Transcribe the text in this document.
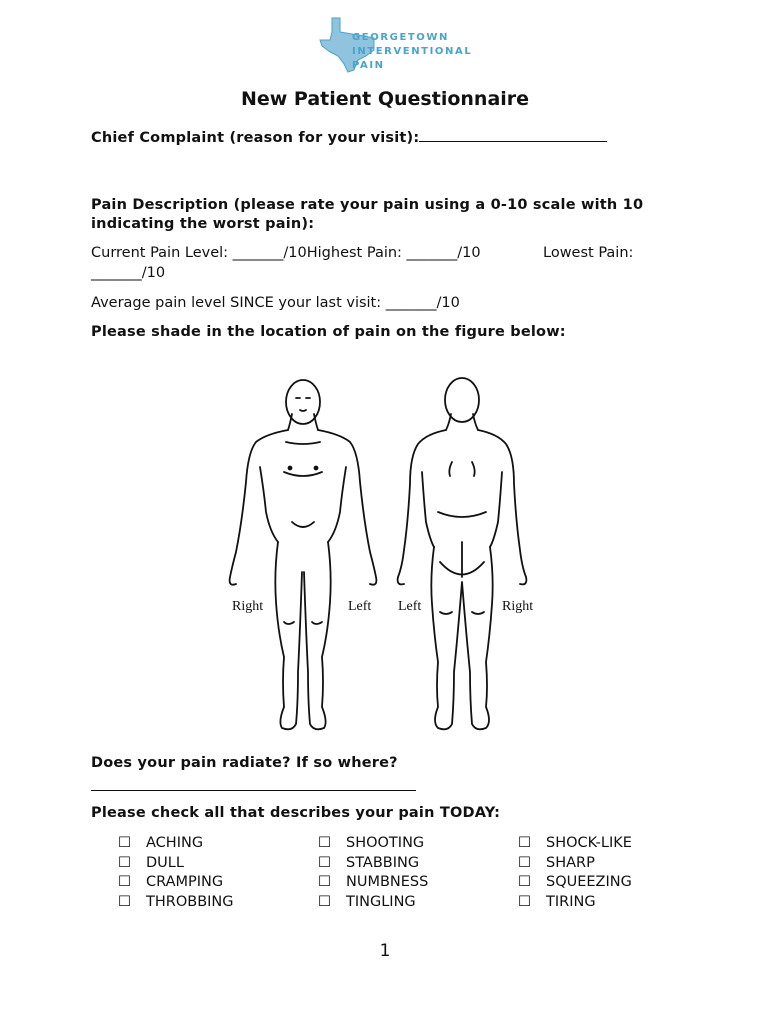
GEORGETOWN
INTERVENTIONAL
PAIN
New Patient Questionnaire
Chief Complaint (reason for your visit):
Pain Description (please rate your pain using a 0-10 scale with 10
indicating the worst pain):
Current Pain Level: _______/10Highest Pain: _______/10	Lowest Pain:
_______/10
Average pain level SINCE your last visit: _______/10
Please shade in the location of pain on the figure below:
Right	Left Left	Right
Does your pain radiate? If so where?
Please check all that describes your pain TODAY:
☐ ACHING
☐ DULL
☐ CRAMPING
☐ THROBBING
☐ SHOOTING
☐ STABBING
☐ NUMBNESS
☐ TINGLING
☐ SHOCK-LIKE
☐ SHARP
☐ SQUEEZING
☐ TIRING
1
